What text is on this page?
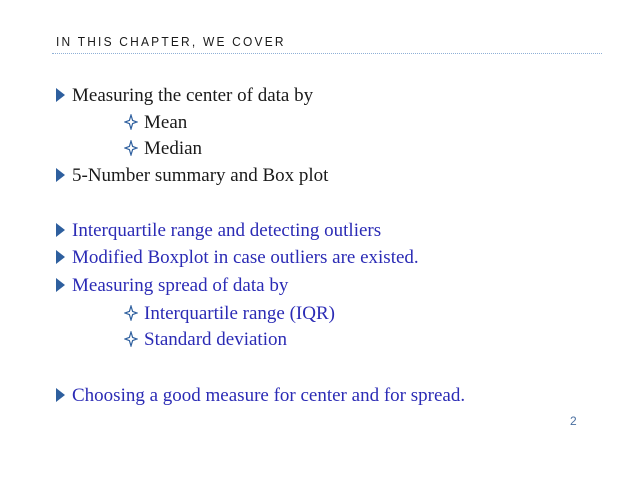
IN THIS CHAPTER, WE COVER
Measuring the center of data by
Mean
Median
5-Number summary and Box plot
Interquartile range and detecting outliers
Modified Boxplot in case outliers are existed.
Measuring spread of data by
Interquartile range (IQR)
Standard deviation
Choosing a good measure for center and for spread.
2
